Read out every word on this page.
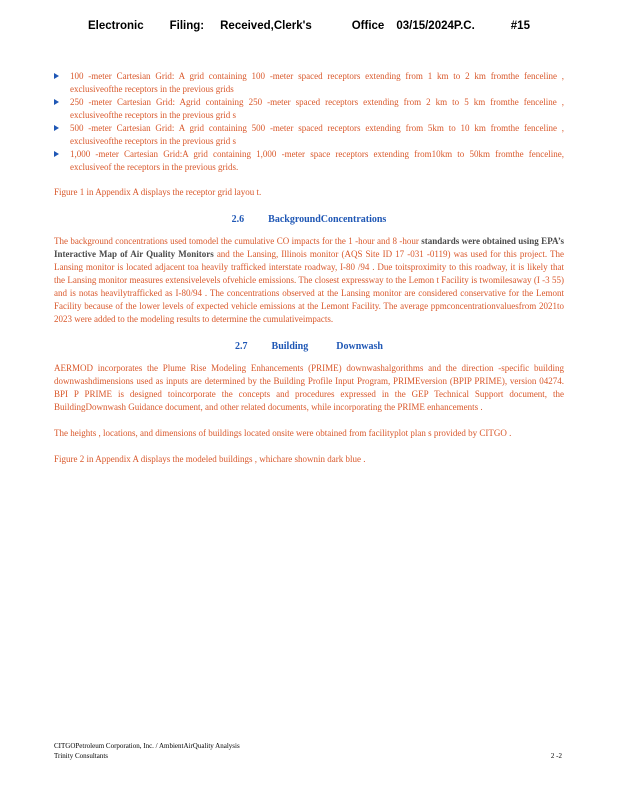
Electronic Filing: Received,Clerk's	Office 03/15/2024P.C.	#15
100 -meter Cartesian Grid: A grid containing 100 -meter spaced receptors extending from 1 km to 2 km fromthe fenceline , exclusiveofthe receptors in the previous grids
250 -meter Cartesian Grid: Agrid containing 250 -meter spaced receptors extending from 2 km to 5 km fromthe fenceline , exclusiveofthe receptors in the previous grid s
500 -meter Cartesian Grid: A grid containing 500 -meter spaced receptors extending from 5km to 10 km fromthe fenceline , exclusiveofthe receptors in the previous grid s
1,000 -meter Cartesian Grid:A grid containing 1,000 -meter space receptors extending from10km to 50km fromthe fenceline, exclusiveof the receptors in the previous grids.

Figure 1 in Appendix A displays the receptor grid layou t.

2.6 BackgroundConcentrations

The background concentrations used tomodel the cumulative CO impacts for the 1 -hour and 8 -hour standards were obtained using EPA’s Interactive Map of Air Quality Monitors and the Lansing, Illinois monitor (AQS Site ID 17 -031 -0119) was used for this project. The Lansing monitor is located adjacent toa heavily trafficked interstate roadway, I-80 /94 . Due toitsproximity to this roadway, it is likely that the Lansing monitor measures extensivelevels ofvehicle emissions. The closest expressway to the Lemon t Facility is twomilesaway (I -3 55) and is notas heavilytrafficked as I-80/94 . The concentrations observed at the Lansing monitor are considered conservative for the Lemont Facility because of the lower levels of expected vehicle emissions at the Lemont Facility. The average ppmconcentrationvaluesfrom 2021to 2023 were added to the modeling results to determine the cumulativeimpacts.

2.7 Building	Downwash

AERMOD incorporates the Plume Rise Modeling Enhancements (PRIME) downwashalgorithms and the direction -specific building downwashdimensions used as inputs are determined by the Building Profile Input Program, PRIMEversion (BPIP PRIME), version 04274. BPI P PRIME is designed toincorporate the concepts and procedures expressed in the GEP Technical Support document, the BuildingDownwash Guidance document, and other related documents, while incorporating the PRIME enhancements .

The heights , locations, and dimensions of buildings located onsite were obtained from facilityplot plan s provided by CITGO .

Figure 2 in Appendix A displays the modeled buildings , whichare shownin dark blue .

CITGOPetroleum Corporation, Inc. / AmbientAirQuality Analysis
Trinity Consultants	2 -2
